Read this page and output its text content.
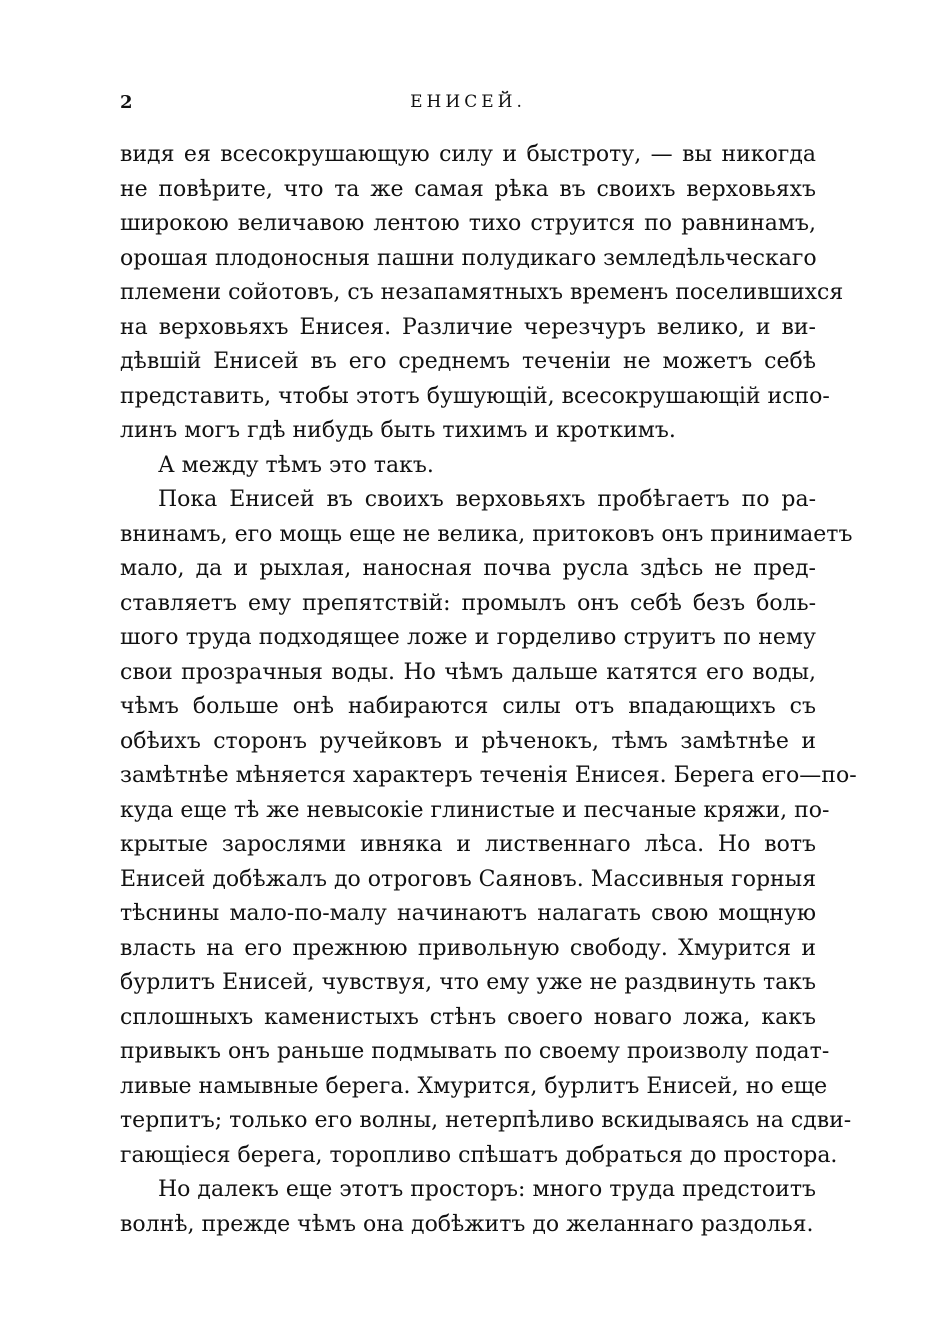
2	ЕНИСЕЙ.
видя ея всесокрушающую силу и быстроту, — вы никогда
не повѣрите, что та же самая рѣка въ своихъ верховьяхъ
широкою величавою лентою тихо струится по равнинамъ,
орошая плодоносныя пашни полудикаго земледѣльческаго
племени сойотовъ, съ незапамятныхъ временъ поселившихся
на верховьяхъ Енисея. Различие черезчуръ велико, и ви-
дѣвшiй Енисей въ его среднемъ теченiи не можетъ себѣ
представить, чтобы этотъ бушующiй, всесокрушающiй испо-
линъ могъ гдѣ нибудь быть тихимъ и кроткимъ.
А между тѣмъ это такъ.
Пока Енисей въ своихъ верховьяхъ пробѣгаетъ по ра-
внинамъ, его мощь еще не велика, притоковъ онъ принимаетъ
мало, да и рыхлая, наносная почва русла здѣсь не пред-
ставляетъ ему препятствiй: промылъ онъ себѣ безъ боль-
шого труда подходящее ложе и горделиво струитъ по нему
свои прозрачныя воды. Но чѣмъ дальше катятся его воды,
чѣмъ больше онѣ набираются силы отъ впадающихъ съ
обѣихъ сторонъ ручейковъ и рѣченокъ, тѣмъ замѣтнѣе и
замѣтнѣе мѣняется характеръ теченiя Енисея. Берега его—по-
куда еще тѣ же невысокiе глинистые и песчаные кряжи, по-
крытые зарослями ивняка и лиственнаго лѣса. Но вотъ
Енисей добѣжалъ до отроговъ Саяновъ. Массивныя горныя
тѣснины мало-по-малу начинаютъ налагать свою мощную
власть на его прежнюю привольную свободу. Хмурится и
бурлитъ Енисей, чувствуя, что ему уже не раздвинуть такъ
сплошныхъ каменистыхъ стѣнъ своего новаго ложа, какъ
привыкъ онъ раньше подмывать по своему произволу подат-
ливые намывные берега. Хмурится, бурлитъ Енисей, но еще
терпитъ; только его волны, нетерпѣливо вскидываясь на сдви-
гающiеся берега, торопливо спѣшатъ добраться до простора.
Но далекъ еще этотъ просторъ: много труда предстоитъ
волнѣ, прежде чѣмъ она добѣжитъ до желаннаго раздолья.
